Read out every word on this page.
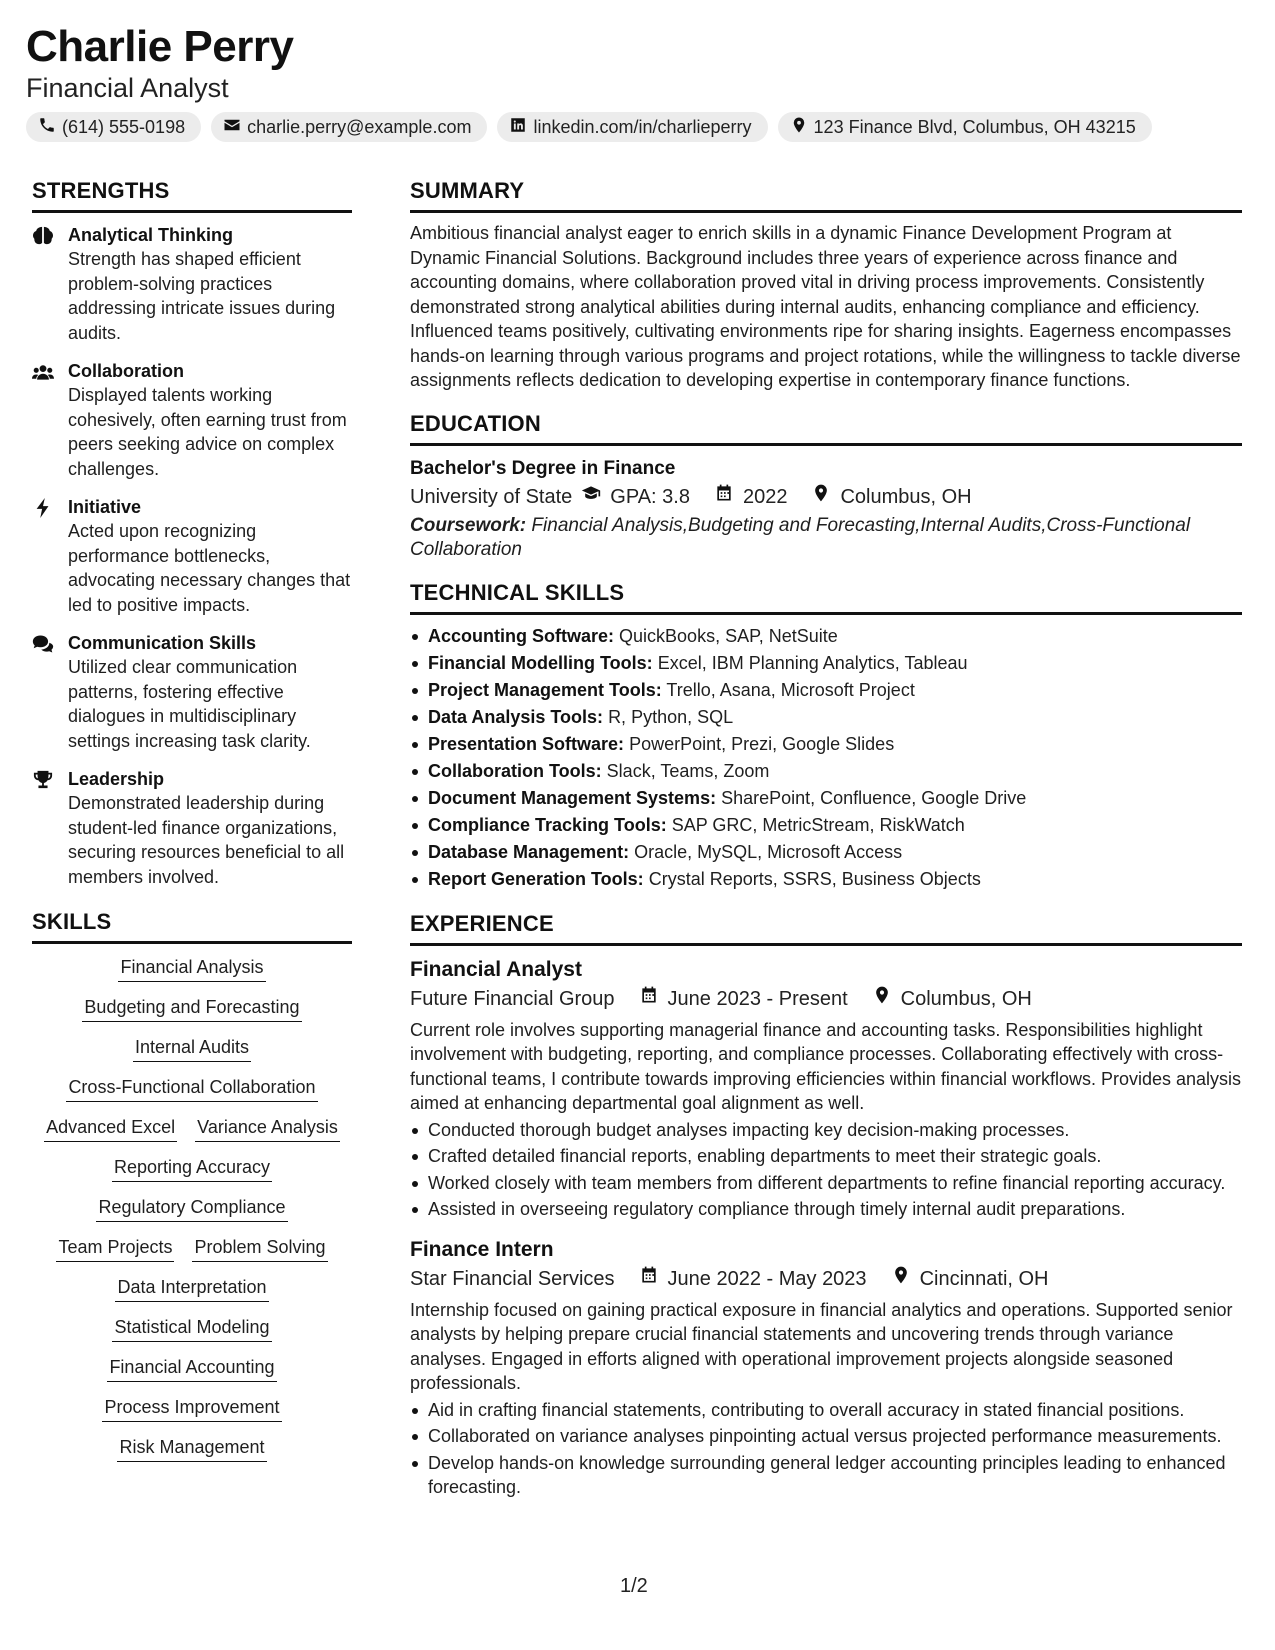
Charlie Perry
Financial Analyst
(614) 555-0198	charlie.perry@example.com	linkedin.com/in/charlieperry	123 Finance Blvd, Columbus, OH 43215
STRENGTHS
Analytical Thinking
Strength has shaped efficient problem-solving practices addressing intricate issues during audits.
Collaboration
Displayed talents working cohesively, often earning trust from peers seeking advice on complex challenges.
Initiative
Acted upon recognizing performance bottlenecks, advocating necessary changes that led to positive impacts.
Communication Skills
Utilized clear communication patterns, fostering effective dialogues in multidisciplinary settings increasing task clarity.
Leadership
Demonstrated leadership during student-led finance organizations, securing resources beneficial to all members involved.
SKILLS
Financial Analysis
Budgeting and Forecasting
Internal Audits
Cross-Functional Collaboration
Advanced Excel Variance Analysis
Reporting Accuracy
Regulatory Compliance
Team Projects Problem Solving
Data Interpretation
Statistical Modeling
Financial Accounting
Process Improvement
Risk Management
SUMMARY
Ambitious financial analyst eager to enrich skills in a dynamic Finance Development Program at Dynamic Financial Solutions. Background includes three years of experience across finance and accounting domains, where collaboration proved vital in driving process improvements. Consistently demonstrated strong analytical abilities during internal audits, enhancing compliance and efficiency. Influenced teams positively, cultivating environments ripe for sharing insights. Eagerness encompasses hands-on learning through various programs and project rotations, while the willingness to tackle diverse assignments reflects dedication to developing expertise in contemporary finance functions.
EDUCATION
Bachelor's Degree in Finance
University of State GPA: 3.8	2022	Columbus, OH
Coursework: Financial Analysis,Budgeting and Forecasting,Internal Audits,Cross-Functional Collaboration
TECHNICAL SKILLS
Accounting Software: QuickBooks, SAP, NetSuite
Financial Modelling Tools: Excel, IBM Planning Analytics, Tableau
Project Management Tools: Trello, Asana, Microsoft Project
Data Analysis Tools: R, Python, SQL
Presentation Software: PowerPoint, Prezi, Google Slides
Collaboration Tools: Slack, Teams, Zoom
Document Management Systems: SharePoint, Confluence, Google Drive
Compliance Tracking Tools: SAP GRC, MetricStream, RiskWatch
Database Management: Oracle, MySQL, Microsoft Access
Report Generation Tools: Crystal Reports, SSRS, Business Objects
EXPERIENCE
Financial Analyst
Future Financial Group	June 2023 - Present	Columbus, OH
Current role involves supporting managerial finance and accounting tasks. Responsibilities highlight involvement with budgeting, reporting, and compliance processes. Collaborating effectively with cross-functional teams, I contribute towards improving efficiencies within financial workflows. Provides analysis aimed at enhancing departmental goal alignment as well.
Conducted thorough budget analyses impacting key decision-making processes.
Crafted detailed financial reports, enabling departments to meet their strategic goals.
Worked closely with team members from different departments to refine financial reporting accuracy.
Assisted in overseeing regulatory compliance through timely internal audit preparations.
Finance Intern
Star Financial Services	June 2022 - May 2023	Cincinnati, OH
Internship focused on gaining practical exposure in financial analytics and operations. Supported senior analysts by helping prepare crucial financial statements and uncovering trends through variance analyses. Engaged in efforts aligned with operational improvement projects alongside seasoned professionals.
Aid in crafting financial statements, contributing to overall accuracy in stated financial positions.
Collaborated on variance analyses pinpointing actual versus projected performance measurements.
Develop hands-on knowledge surrounding general ledger accounting principles leading to enhanced forecasting.
1/2
